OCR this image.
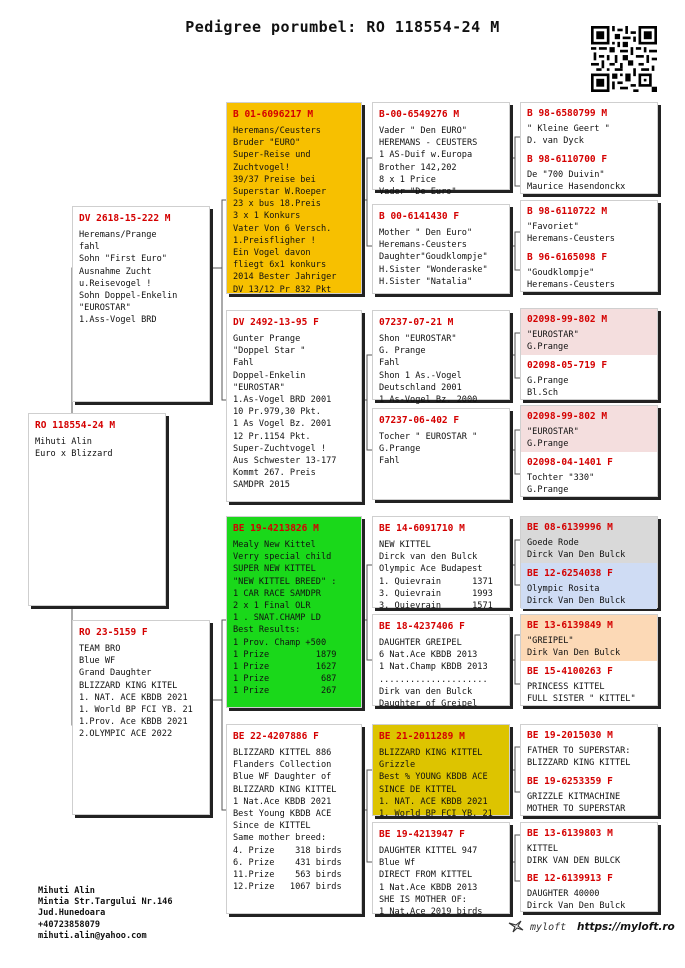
Pedigree porumbel: RO 118554-24 M
RO 118554-24 M
Mihuti Alin
Euro x Blizzard
DV 2618-15-222 M
Heremans/Prange
fahl
Sohn "First Euro"
Ausnahme Zucht
u.Reisevogel !
Sohn Doppel-Enkelin
"EUROSTAR"
1.Ass-Vogel BRD
RO 23-5159 F
TEAM BRO
Blue WF
Grand Daughter
BLIZZARD KING KITEL
1. NAT. ACE KBDB 2021
1. World BP FCI YB. 21
1.Prov. Ace KBDB 2021
2.OLYMPIC ACE 2022
B 01-6096217 M
Heremans/Ceusters
Bruder "EURO"
Super-Reise und
Zuchtvogel!
39/37 Preise bei
Superstar W.Roeper
23 x bus 18.Preis
3 x 1 Konkurs
Vater Von 6 Versch.
1.Preisfligher !
Ein Vogel davon
fliegt 6x1 konkurs
2014 Bester Jahriger
DV 13/12 Pr 832 Pkt
DV 2492-13-95 F
Gunter Prange
"Doppel Star "
Fahl
Doppel-Enkelin
"EUROSTAR"
1.As-Vogel BRD 2001
10 Pr.979,30 Pkt.
1 As Vogel Bz. 2001
12 Pr.1154 Pkt.
Super-Zuchtvogel !
Aus Schwester 13-177
Kommt 267. Preis
SAMDPR 2015
BE 19-4213826 M
Mealy New Kittel
Verry special child
SUPER NEW KITTEL
"NEW KITTEL BREED" :
1 CAR RACE SAMDPR
2 x 1 Final OLR
1 . SNAT.CHAMP LD
Best Results:
1 Prov. Champ +500
1 Prize         1879
1 Prize         1627
1 Prize          687
1 Prize          267
BE 22-4207886 F
BLIZZARD KITTEL 886
Flanders Collection
Blue WF Daughter of
BLIZZARD KING KITTEL
1 Nat.Ace KBDB 2021
Best Young KBDB ACE
Since de KITTEL
Same mother breed:
4. Prize    318 birds
6. Prize    431 birds
11.Prize    563 birds
12.Prize   1067 birds
B-00-6549276 M
Vader " Den EURO"
HEREMANS - CEUSTERS
1 AS-Duif w.Europa
Brother 142,202
8 x 1 Price
Vader "De Euro"
B 00-6141430 F
Mother " Den Euro"
Heremans-Ceusters
Daughter"Goudklompje"
H.Sister "Wonderaske"
H.Sister "Natalia"
07237-07-21 M
Shon "EUROSTAR"
G. Prange
Fahl
Shon 1 As.-Vogel
Deutschland 2001
1 As-Vogel Bz. 2000
07237-06-402 F
Tocher " EUROSTAR "
G.Prange
Fahl
BE 14-6091710 M
NEW KITTEL
Dirck van den Bulck
Olympic Ace Budapest
1. Quievrain      1371
3. Quievrain      1993
3. Quievrain      1571
BE 18-4237406 F
DAUGHTER GREIPEL
6 Nat.Ace KBDB 2013
1 Nat.Champ KBDB 2013
.....................
Dirk van den Bulck
Daughter of Greipel
BE 21-2011289 M
BLIZZARD KING KITTEL
Grizzle
Best % YOUNG KBDB ACE
SINCE DE KITTEL
1. NAT. ACE KBDB 2021
1. World BP FCI YB. 21
BE 19-4213947 F
DAUGHTER KITTEL 947
Blue Wf
DIRECT FROM KITTEL
1 Nat.Ace KBDB 2013
SHE IS MOTHER OF:
1 Nat.Ace 2019 birds
B 98-6580799 M
" Kleine Geert "
D. van Dyck
B 98-6110700 F
De "700 Duivin"
Maurice Hasendonckx
B 98-6110722 M
"Favoriet"
Heremans-Ceusters
B 96-6165098 F
"Goudklompje"
Heremans-Ceusters
02098-99-802 M
"EUROSTAR"
G.Prange
02098-05-719 F
G.Prange
Bl.Sch
02098-99-802 M
"EUROSTAR"
G.Prange
02098-04-1401 F
Tochter "330"
G.Prange
BE 08-6139996 M
Goede Rode
Dirck Van Den Bulck
BE 12-6254038 F
Olympic Rosita
Dirck Van Den Bulck
BE 13-6139849 M
"GREIPEL"
Dirk Van Den Bulck
BE 15-4100263 F
PRINCESS KITTEL
FULL SISTER " KITTEL"
BE 19-2015030 M
FATHER TO SUPERSTAR:
BLIZZARD KING KITTEL
BE 19-6253359 F
GRIZZLE KITMACHINE
MOTHER TO SUPERSTAR
BE 13-6139803 M
KITTEL
DIRK VAN DEN BULCK
BE 12-6139913 F
DAUGHTER 40000
Dirck Van Den Bulck
Mihuti Alin
Mintia Str.Targului Nr.146
Jud.Hunedoara
+40723858079
mihuti.alin@yahoo.com
myloft https://myloft.ro
